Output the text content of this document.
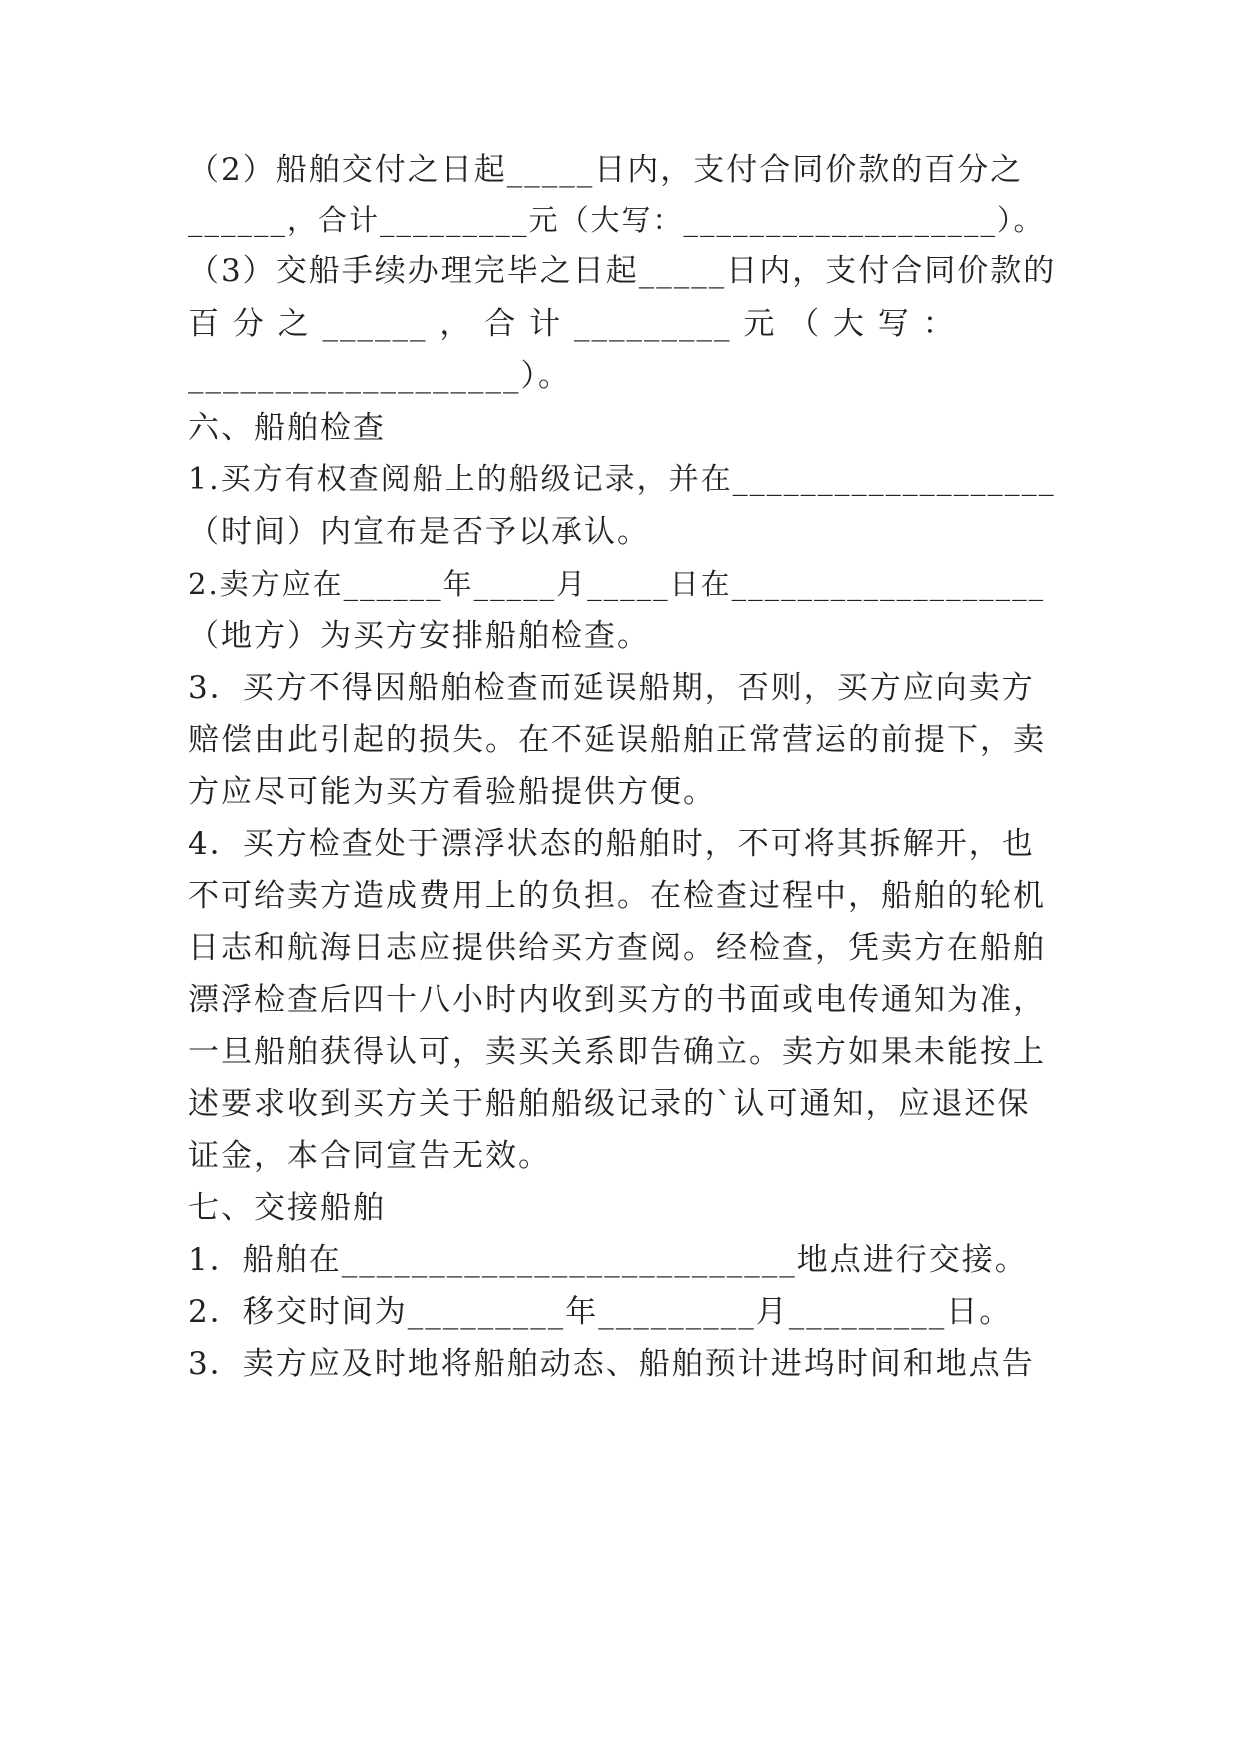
（2）船舶交付之日起_____日内，支付合同价款的百分之
______，合计_________元（大写：___________________）。
（3）交船手续办理完毕之日起_____日内，支付合同价款的
百 分 之 ______ ， 合 计 _________ 元 （ 大 写 ：
___________________）。
六、船舶检查
1.买方有权查阅船上的船级记录，并在___________________
（时间）内宣布是否予以承认。
2.卖方应在______年_____月_____日在___________________
（地方）为买方安排船舶检查。
3．买方不得因船舶检查而延误船期，否则，买方应向卖方
赔偿由此引起的损失。在不延误船舶正常营运的前提下，卖
方应尽可能为买方看验船提供方便。
4．买方检查处于漂浮状态的船舶时，不可将其拆解开，也
不可给卖方造成费用上的负担。在检查过程中，船舶的轮机
日志和航海日志应提供给买方查阅。经检查，凭卖方在船舶
漂浮检查后四十八小时内收到买方的书面或电传通知为准，
一旦船舶获得认可，卖买关系即告确立。卖方如果未能按上
述要求收到买方关于船舶船级记录的`认可通知，应退还保
证金，本合同宣告无效。
七、交接船舶
1．船舶在__________________________地点进行交接。
2．移交时间为_________年_________月_________日。
3．卖方应及时地将船舶动态、船舶预计进坞时间和地点告
